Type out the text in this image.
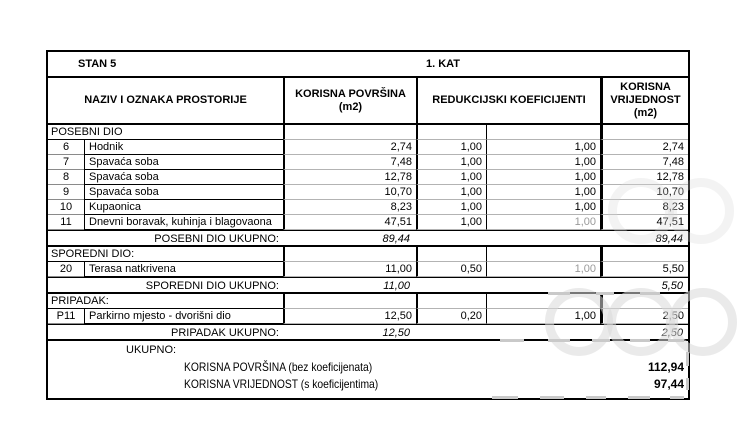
STAN 5	1. KAT
NAZIV I OZNAKA PROSTORIJE
KORISNA POVRŠINA
(m2)
REDUKCIJSKI KOEFICIJENTI
KORISNA
VRIJEDNOST
(m2)
POSEBNI DIO
6	Hodnik	2,74	1,00	1,00	2,74
7	Spavaća soba	7,48	1,00	1,00	7,48
8	Spavaća soba	12,78	1,00	1,00	12,78
9	Spavaća soba	10,70	1,00	1,00	10,70
10	Kupaonica	8,23	1,00	1,00	8,23
11	Dnevni boravak, kuhinja i blagovaona	47,51	1,00	1,00	47,51
POSEBNI DIO UKUPNO:	89,44	89,44
SPOREDNI DIO:
20	Terasa natkrivena	11,00	0,50	1,00	5,50
SPOREDNI DIO UKUPNO:	11,00	5,50
PRIPADAK:
P11	Parkirno mjesto - dvorišni dio	12,50	0,20	1,00	2,50
PRIPADAK UKUPNO:	12,50	2,50
UKUPNO:
KORISNA POVRŠINA (bez koeficijenata)	112,94
KORISNA VRIJEDNOST (s koeficijentima)	97,44
